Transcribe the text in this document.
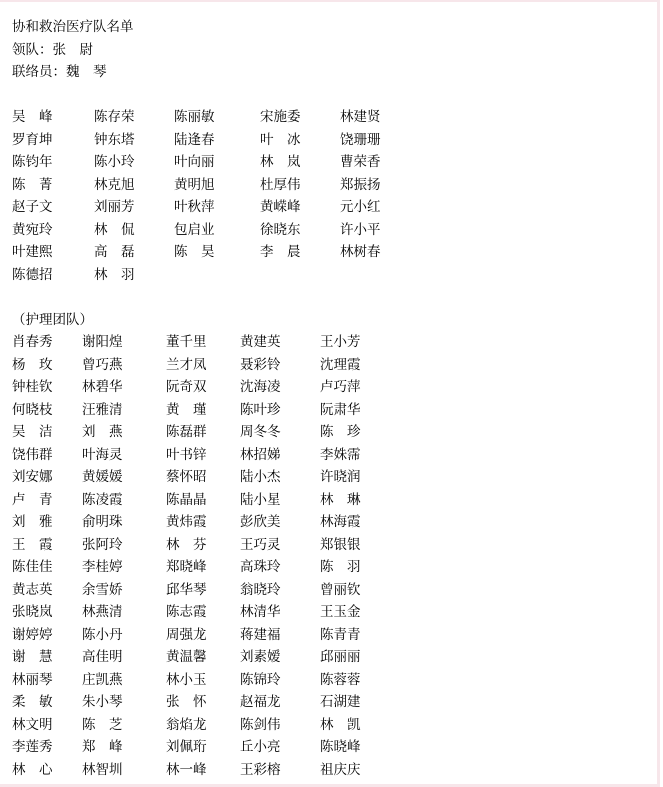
协和救治医疗队名单
领队：张　尉
联络员：魏　琴
吴　峰	陈存荣	陈丽敏	宋施委	林建贤
罗育坤	钟东塔	陆逢春	叶　冰	饶珊珊
陈钧年	陈小玲	叶向丽	林　岚	曹荣香
陈　菁	林克旭	黄明旭	杜厚伟	郑振扬
赵子文	刘丽芳	叶秋萍	黄嵘峰	元小红
黄宛玲	林　侃	包启业	徐晓东	许小平
叶建熙	高　磊	陈　昊	李　晨	林树春
陈德招	林　羽
（护理团队）
肖春秀	谢阳煌	董千里	黄建英	王小芳
杨　玫	曾巧燕	兰才凤	聂彩铃	沈理霞
钟桂钦	林碧华	阮奇双	沈海凌	卢巧萍
何晓枝	汪雅清	黄　瑾	陈叶珍	阮肃华
吴　洁	刘　燕	陈磊群	周冬冬	陈　珍
饶伟群	叶海灵	叶书锌	林招娣	李姝霈
刘安娜	黄媛媛	蔡怀昭	陆小杰	许晓润
卢　青	陈凌霞	陈晶晶	陆小星	林　琳
刘　雅	俞明珠	黄炜霞	彭欣美	林海霞
王　霞	张阿玲	林　芬	王巧灵	郑银银
陈佳佳	李桂婷	郑晓峰	高珠玲	陈　羽
黄志英	余雪娇	邱华琴	翁晓玲	曾丽钦
张晓岚	林燕清	陈志霞	林清华	王玉金
谢婷婷	陈小丹	周强龙	蒋建福	陈青青
谢　慧	高佳明	黄温馨	刘素嫒	邱丽丽
林丽琴	庄凯燕	林小玉	陈锦玲	陈蓉蓉
柔　敏	朱小琴	张　怀	赵福龙	石湖建
林文明	陈　芝	翁焰龙	陈剑伟	林　凯
李莲秀	郑　峰	刘佩珩	丘小亮	陈晓峰
林　心	林智圳	林一峰	王彩榕	祖庆庆
